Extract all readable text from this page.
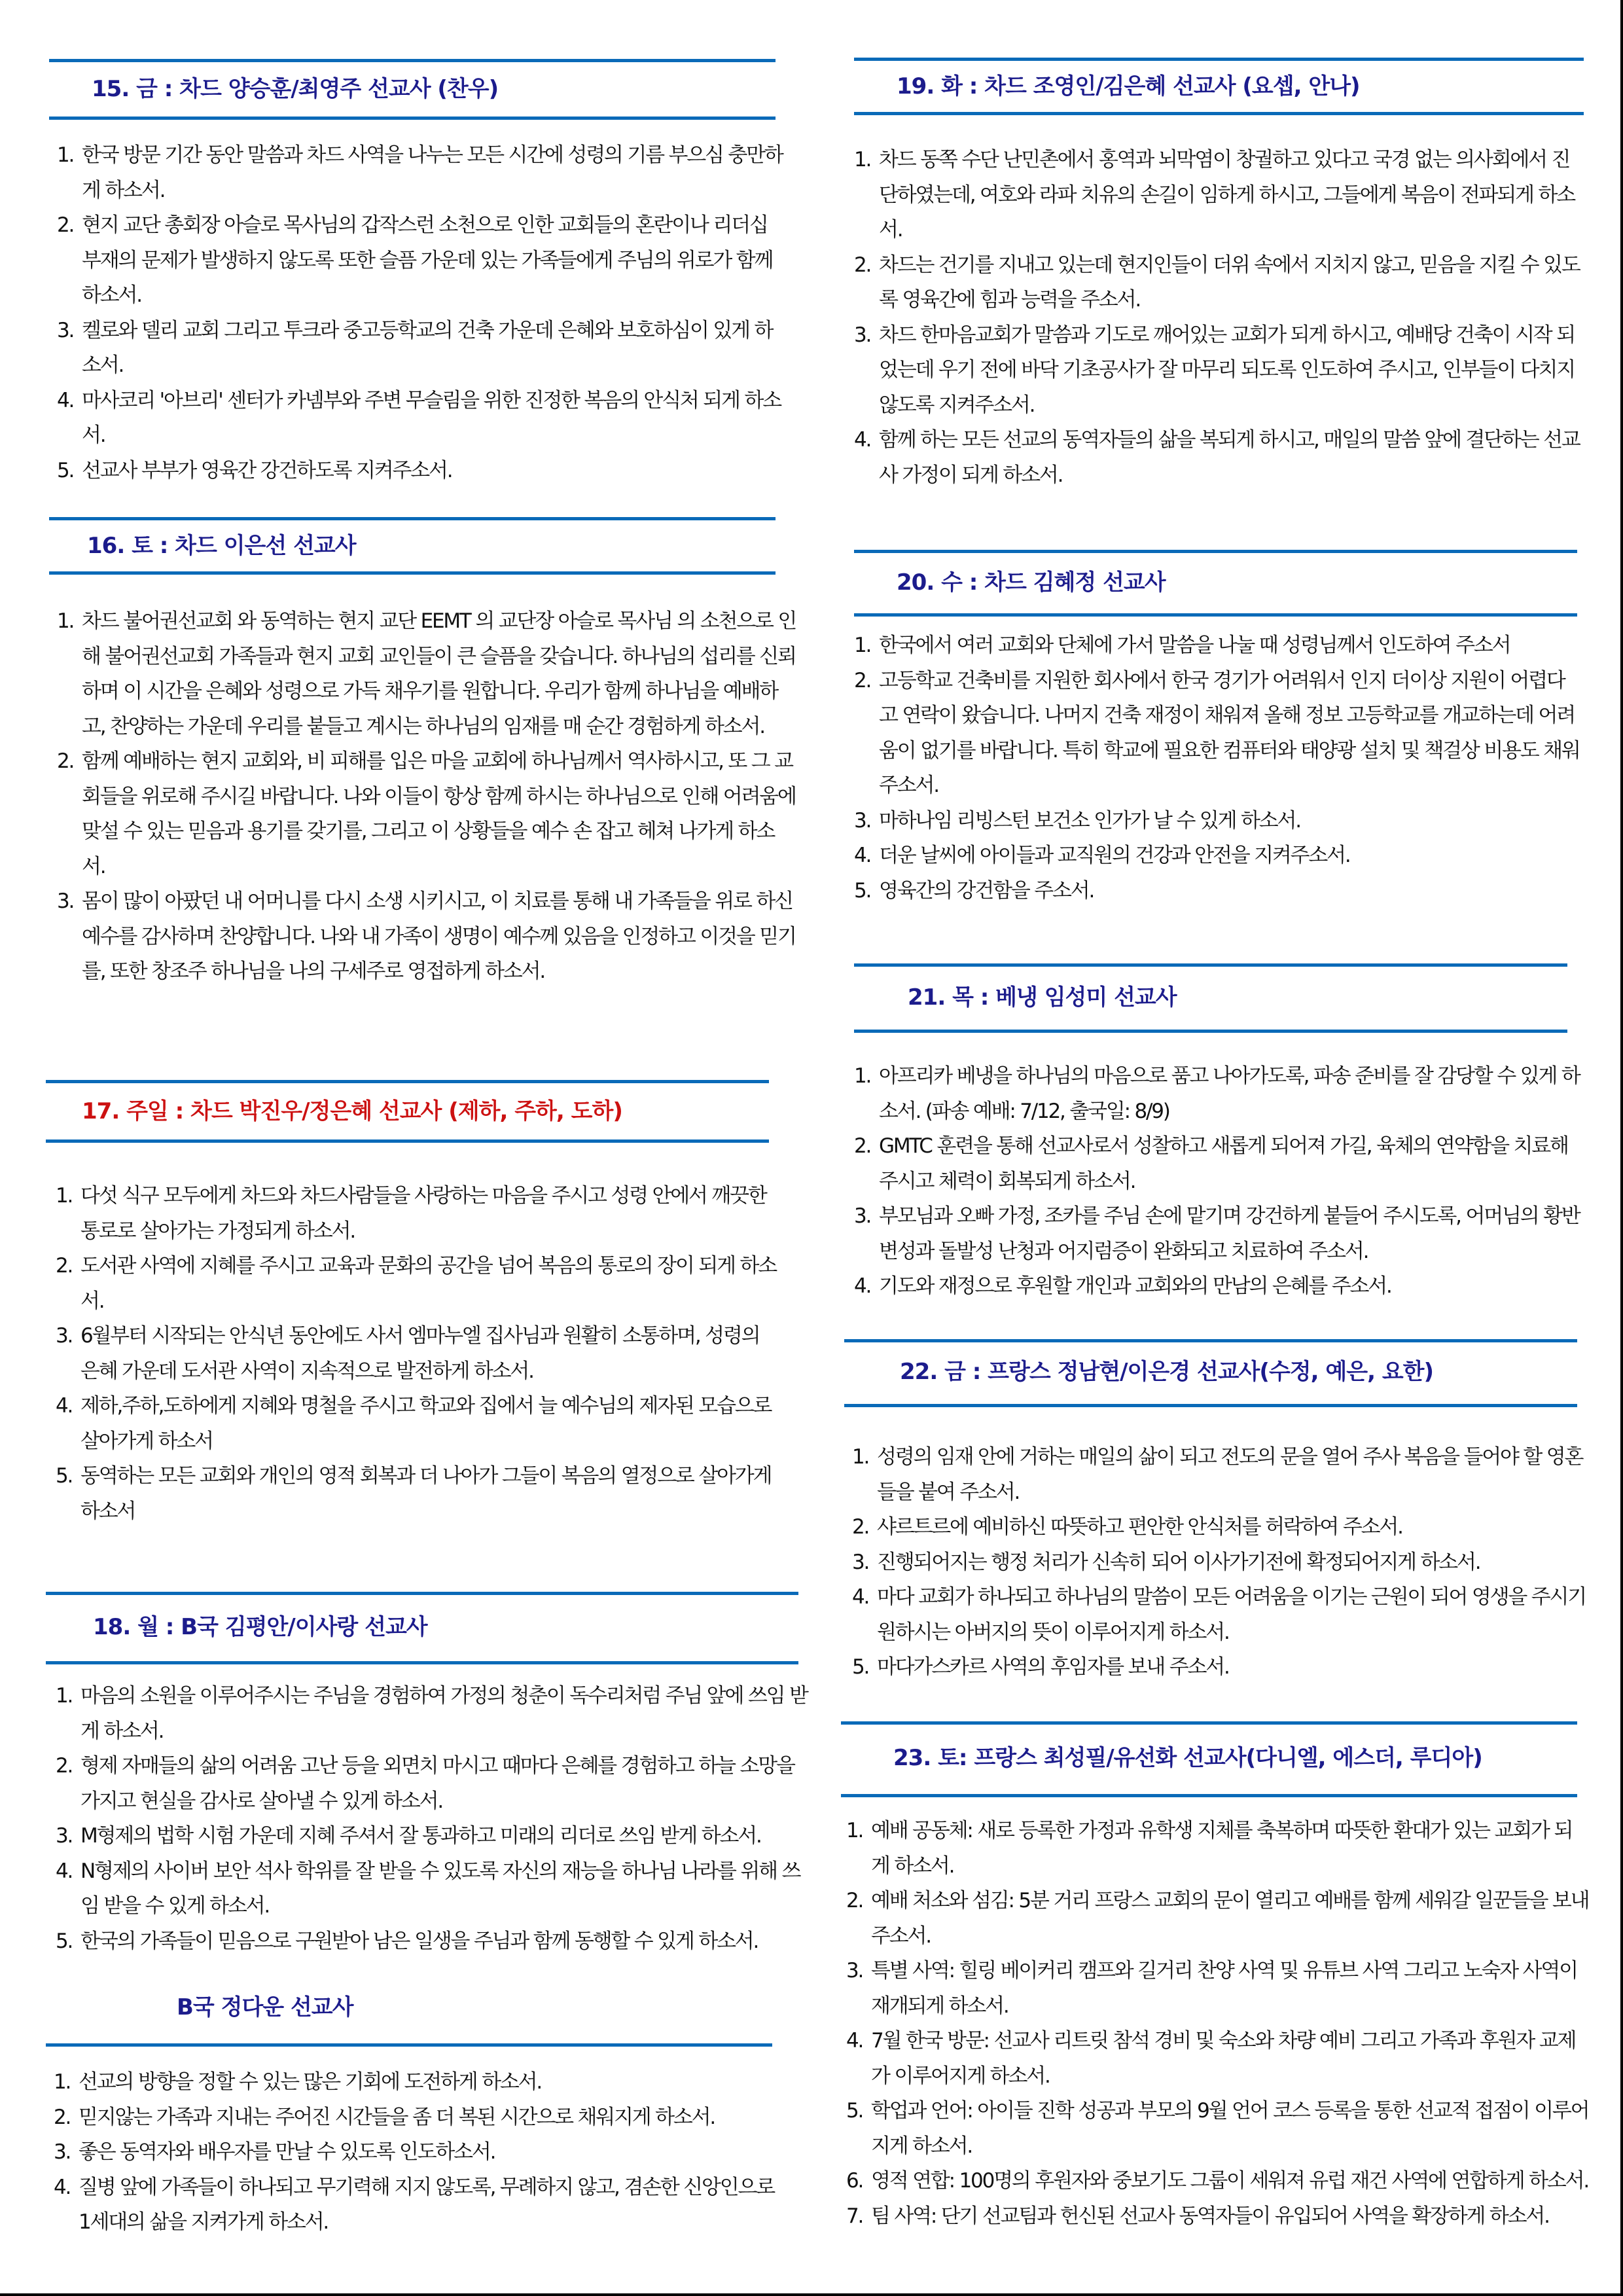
15. 금 : 차드 양승훈/최영주 선교사 (찬우)
1. 한국 방문 기간 동안 말씀과 차드 사역을 나누는 모든 시간에 성령의 기름 부으심 충만하게 하소서.
2. 현지 교단 총회장 아슬로 목사님의 갑작스런 소천으로 인한 교회들의 혼란이나 리더십 부재의 문제가 발생하지 않도록 또한 슬픔 가운데 있는 가족들에게 주님의 위로가 함께 하소서.
3. 켈로와 델리 교회 그리고 투크라 중고등학교의 건축 가운데 은혜와 보호하심이 있게 하소서.
4. 마사코리 '아브리' 센터가 카넴부와 주변 무슬림을 위한 진정한 복음의 안식처 되게 하소서.
5. 선교사 부부가 영육간 강건하도록 지켜주소서.
16. 토 : 차드 이은선 선교사
1. 차드 불어권선교회 와 동역하는 현지 교단 EEMT 의 교단장 아슬로 목사님 의 소천으로 인해 불어권선교회 가족들과 현지 교회 교인들이 큰 슬픔을 갖습니다. 하나님의 섭리를 신뢰하며 이 시간을 은혜와 성령으로 가득 채우기를 원합니다. 우리가 함께 하나님을 예배하고, 찬양하는 가운데 우리를 붙들고 계시는 하나님의 임재를 매 순간 경험하게 하소서.
2. 함께 예배하는 현지 교회와, 비 피해를 입은 마을 교회에 하나님께서 역사하시고, 또 그 교회들을 위로해 주시길 바랍니다. 나와 이들이 항상 함께 하시는 하나님으로 인해 어려움에 맞설 수 있는 믿음과 용기를 갖기를, 그리고 이 상황들을 예수 손 잡고 헤쳐 나가게 하소서.
3. 몸이 많이 아팠던 내 어머니를 다시 소생 시키시고, 이 치료를 통해 내 가족들을 위로 하신 예수를 감사하며 찬양합니다. 나와 내 가족이 생명이 예수께 있음을 인정하고 이것을 믿기를, 또한 창조주 하나님을 나의 구세주로 영접하게 하소서.
17. 주일 : 차드 박진우/정은혜 선교사 (제하, 주하, 도하)
1. 다섯 식구 모두에게 차드와 차드사람들을 사랑하는 마음을 주시고 성령 안에서 깨끗한 통로로 살아가는 가정되게 하소서.
2. 도서관 사역에 지혜를 주시고 교육과 문화의 공간을 넘어 복음의 통로의 장이 되게 하소서.
3. 6월부터 시작되는 안식년 동안에도 사서 엠마누엘 집사님과 원활히 소통하며, 성령의 은혜 가운데 도서관 사역이 지속적으로 발전하게 하소서.
4. 제하,주하,도하에게 지혜와 명철을 주시고 학교와 집에서 늘 예수님의 제자된 모습으로 살아가게 하소서
5. 동역하는 모든 교회와 개인의 영적 회복과 더 나아가 그들이 복음의 열정으로 살아가게 하소서
18. 월 : B국 김평안/이사랑 선교사
1. 마음의 소원을 이루어주시는 주님을 경험하여 가정의 청춘이 독수리처럼 주님 앞에 쓰임 받게 하소서.
2. 형제 자매들의 삶의 어려움 고난 등을 외면치 마시고 때마다 은혜를 경험하고 하늘 소망을 가지고 현실을 감사로 살아낼 수 있게 하소서.
3. M형제의 법학 시험 가운데 지혜 주셔서 잘 통과하고 미래의 리더로 쓰임 받게 하소서.
4. N형제의 사이버 보안 석사 학위를 잘 받을 수 있도록 자신의 재능을 하나님 나라를 위해 쓰임 받을 수 있게 하소서.
5. 한국의 가족들이 믿음으로 구원받아 남은 일생을 주님과 함께 동행할 수 있게 하소서.
B국 정다운 선교사
1. 선교의 방향을 정할 수 있는 많은 기회에 도전하게 하소서.
2. 믿지않는 가족과 지내는 주어진 시간들을 좀 더 복된 시간으로 채워지게 하소서.
3. 좋은 동역자와 배우자를 만날 수 있도록 인도하소서.
4. 질병 앞에 가족들이 하나되고 무기력해 지지 않도록, 무례하지 않고, 겸손한 신앙인으로 1세대의 삶을 지켜가게 하소서.
19. 화 : 차드 조영인/김은혜 선교사 (요셉, 안나)
1. 차드 동쪽 수단 난민촌에서 홍역과 뇌막염이 창궐하고 있다고 국경 없는 의사회에서 진단하였는데, 여호와 라파 치유의 손길이 임하게 하시고, 그들에게 복음이 전파되게 하소서.
2. 차드는 건기를 지내고 있는데 현지인들이 더위 속에서 지치지 않고, 믿음을 지킬 수 있도록 영육간에 힘과 능력을 주소서.
3. 차드 한마음교회가 말씀과 기도로 깨어있는 교회가 되게 하시고, 예배당 건축이 시작 되었는데 우기 전에 바닥 기초공사가 잘 마무리 되도록 인도하여 주시고, 인부들이 다치지 않도록 지켜주소서.
4. 함께 하는 모든 선교의 동역자들의 삶을 복되게 하시고, 매일의 말씀 앞에 결단하는 선교사 가정이 되게 하소서.
20. 수 : 차드 김혜정 선교사
1. 한국에서 여러 교회와 단체에 가서 말씀을 나눌 때 성령님께서 인도하여 주소서
2. 고등학교 건축비를 지원한 회사에서 한국 경기가 어려워서 인지 더이상 지원이 어렵다고 연락이 왔습니다. 나머지 건축 재정이 채워져 올해 정보 고등학교를 개교하는데 어려움이 없기를 바랍니다. 특히 학교에 필요한 컴퓨터와 태양광 설치 및 책걸상 비용도 채워 주소서.
3. 마하나임 리빙스턴 보건소 인가가 날 수 있게 하소서.
4. 더운 날씨에 아이들과 교직원의 건강과 안전을 지켜주소서.
5. 영육간의 강건함을 주소서.
21. 목 : 베냉 임성미 선교사
1. 아프리카 베냉을 하나님의 마음으로 품고 나아가도록, 파송 준비를 잘 감당할 수 있게 하소서. (파송 예배: 7/12, 출국일: 8/9)
2. GMTC 훈련을 통해 선교사로서 성찰하고 새롭게 되어져 가길, 육체의 연약함을 치료해 주시고 체력이 회복되게 하소서.
3. 부모님과 오빠 가정, 조카를 주님 손에 맡기며 강건하게 붙들어 주시도록, 어머님의 황반변성과 돌발성 난청과 어지럼증이 완화되고 치료하여 주소서.
4. 기도와 재정으로 후원할 개인과 교회와의 만남의 은혜를 주소서.
22. 금 : 프랑스 정남현/이은경 선교사(수정, 예은, 요한)
1. 성령의 임재 안에 거하는 매일의 삶이 되고 전도의 문을 열어 주사 복음을 들어야 할 영혼들을 붙여 주소서.
2. 샤르트르에 예비하신 따뜻하고 편안한 안식처를 허락하여 주소서.
3. 진행되어지는 행정 처리가 신속히 되어 이사가기전에 확정되어지게 하소서.
4. 마다 교회가 하나되고 하나님의 말씀이 모든 어려움을 이기는 근원이 되어 영생을 주시기 원하시는 아버지의 뜻이 이루어지게 하소서.
5. 마다가스카르 사역의 후임자를 보내 주소서.
23. 토: 프랑스 최성필/유선화 선교사(다니엘, 에스더, 루디아)
1. 예배 공동체: 새로 등록한 가정과 유학생 지체를 축복하며 따뜻한 환대가 있는 교회가 되게 하소서.
2. 예배 처소와 섬김: 5분 거리 프랑스 교회의 문이 열리고 예배를 함께 세워갈 일꾼들을 보내 주소서.
3. 특별 사역: 힐링 베이커리 캠프와 길거리 찬양 사역 및 유튜브 사역 그리고 노숙자 사역이 재개되게 하소서.
4. 7월 한국 방문: 선교사 리트릿 참석 경비 및 숙소와 차량 예비 그리고 가족과 후원자 교제가 이루어지게 하소서.
5. 학업과 언어: 아이들 진학 성공과 부모의 9월 언어 코스 등록을 통한 선교적 접점이 이루어지게 하소서.
6. 영적 연합: 100명의 후원자와 중보기도 그룹이 세워져 유럽 재건 사역에 연합하게 하소서.
7. 팀 사역: 단기 선교팀과 헌신된 선교사 동역자들이 유입되어 사역을 확장하게 하소서.
